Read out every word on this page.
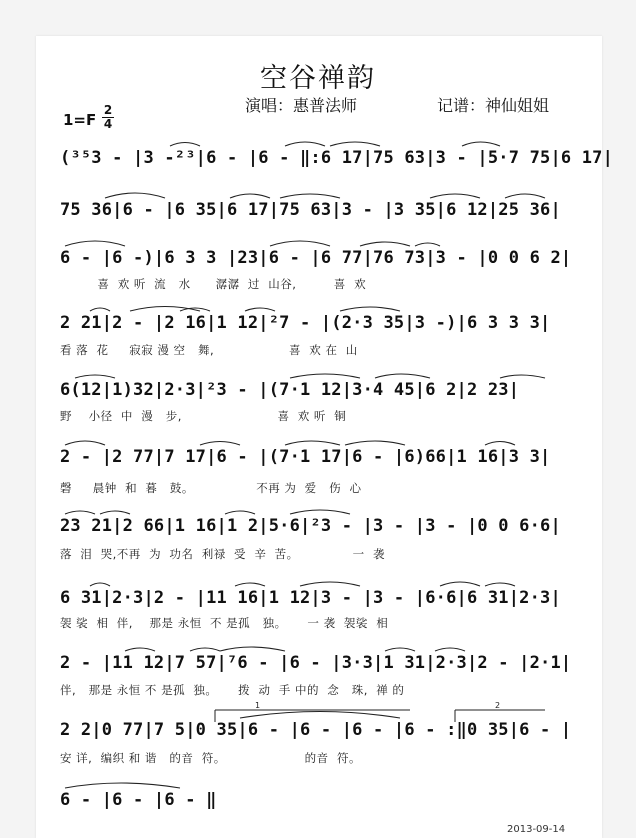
空谷禅韵
演唱：惠普法师	记谱：神仙姐姐
1=F
2
4
(³⁵3 - |3 -²³|6 - |6 - ‖:6 17|75 63|3 - |5·7 75|6 17|
75 36|6 - |6 35|6 17|75 63|3 - |3 35|6 12|25 36|
6 - |6 -)|6 3 3 |23|6 - |6 77|76 73|3 - |0 0 6 2|
喜  欢 听  流   水      潺潺  过  山谷,         喜  欢
2 21|2 - |2 16|1 12|²7 - |(2·3 35|3 -)|6 3 3 3|
看 落  花     寂寂 漫 空   舞,                  喜  欢 在  山
6(12|1)32|2·3|²3 - |(7·1 12|3·4 45|6 2|2 23|
野    小径  中  漫   步,                       喜  欢 听  铜
2 - |2 77|7 17|6 - |(7·1 17|6 - |6)66|1 16|3 3|
磬     晨钟  和  暮   鼓。               不再 为  爱   伤  心
23 21|2 66|1 16|1 2|5·6|²3 - |3 - |3 - |0 0 6·6|
落  泪  哭,不再  为  功名  利禄  受  辛  苦。             一  袭
6 31|2·3|2 - |11 16|1 12|3 - |3 - |6·6|6 31|2·3|
袈 裟  相  伴,    那是 永恒  不 是孤   独。     一 袭  袈裟  相
2 - |11 12|7 57|⁷6 - |6 - |3·3|1 31|2·3|2 - |2·1|
伴,   那是 永恒 不 是孤  独。     拨  动  手 中的  念   珠,  禅 的
2 2|0 77|7 5|0 35|6 - |6 - |6 - |6 - :‖0 35|6 - |
安 详,  编织 和 谐   的音  符。                   的音  符。
6 - |6 - |6 - ‖
2013-09-14
1	2
